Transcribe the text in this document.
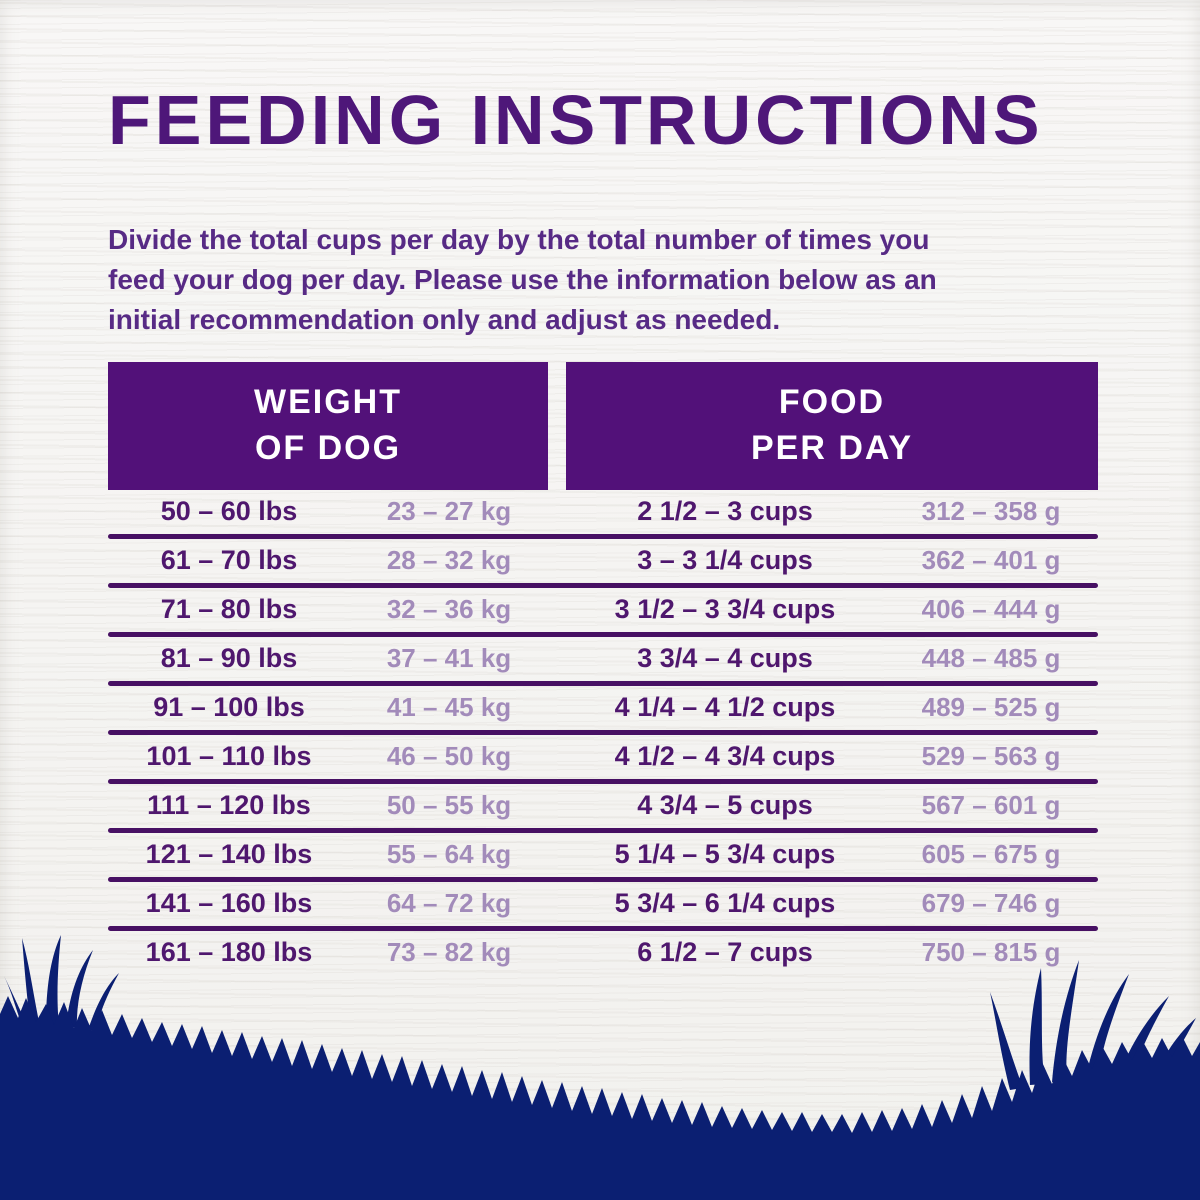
FEEDING INSTRUCTIONS
Divide the total cups per day by the total number of times you
feed your dog per day. Please use the information below as an
initial recommendation only and adjust as needed.
WEIGHT
OF DOG
FOOD
PER DAY
50 – 60 lbs	23 – 27 kg	2 1/2 – 3 cups	312 – 358 g
61 – 70 lbs	28 – 32 kg	3 – 3 1/4 cups	362 – 401 g
71 – 80 lbs	32 – 36 kg	3 1/2 – 3 3/4 cups	406 – 444 g
81 – 90 lbs	37 – 41 kg	3 3/4 – 4 cups	448 – 485 g
91 – 100 lbs	41 – 45 kg	4 1/4 – 4 1/2 cups	489 – 525 g
101 – 110 lbs	46 – 50 kg	4 1/2 – 4 3/4 cups	529 – 563 g
111 – 120 lbs	50 – 55 kg	4 3/4 – 5 cups	567 – 601 g
121 – 140 lbs	55 – 64 kg	5 1/4 – 5 3/4 cups	605 – 675 g
141 – 160 lbs	64 – 72 kg	5 3/4 – 6 1/4 cups	679 – 746 g
161 – 180 lbs	73 – 82 kg	6 1/2 – 7 cups	750 – 815 g
